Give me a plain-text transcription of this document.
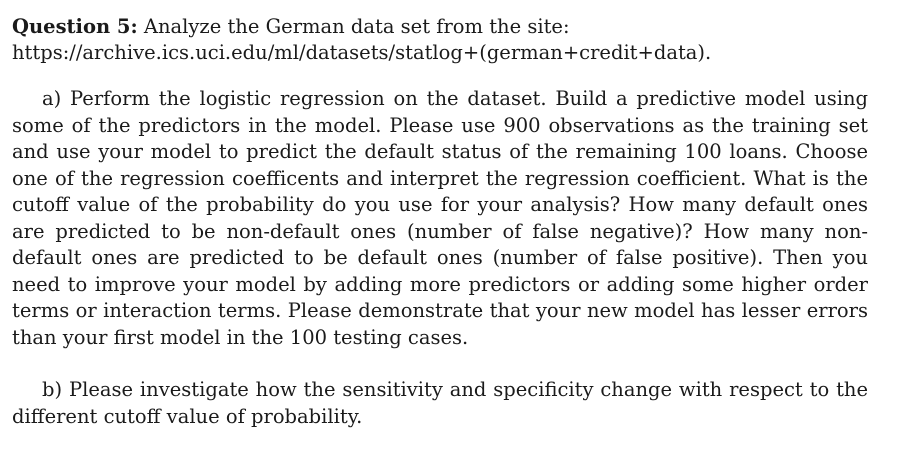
Question 5: Analyze the German data set from the site:
https://archive.ics.uci.edu/ml/datasets/statlog+(german+credit+data).

a) Perform the logistic regression on the dataset. Build a predictive model using some of the predictors in the model. Please use 900 observations as the training set and use your model to predict the default status of the remaining 100 loans. Choose one of the regression coefficents and interpret the regression coefficient. What is the cutoff value of the probability do you use for your analysis? How many default ones are predicted to be non-default ones (number of false negative)? How many non-default ones are predicted to be default ones (number of false positive). Then you need to improve your model by adding more predictors or adding some higher order terms or interaction terms. Please demonstrate that your new model has lesser errors than your first model in the 100 testing cases.

b) Please investigate how the sensitivity and specificity change with respect to the different cutoff value of probability.
